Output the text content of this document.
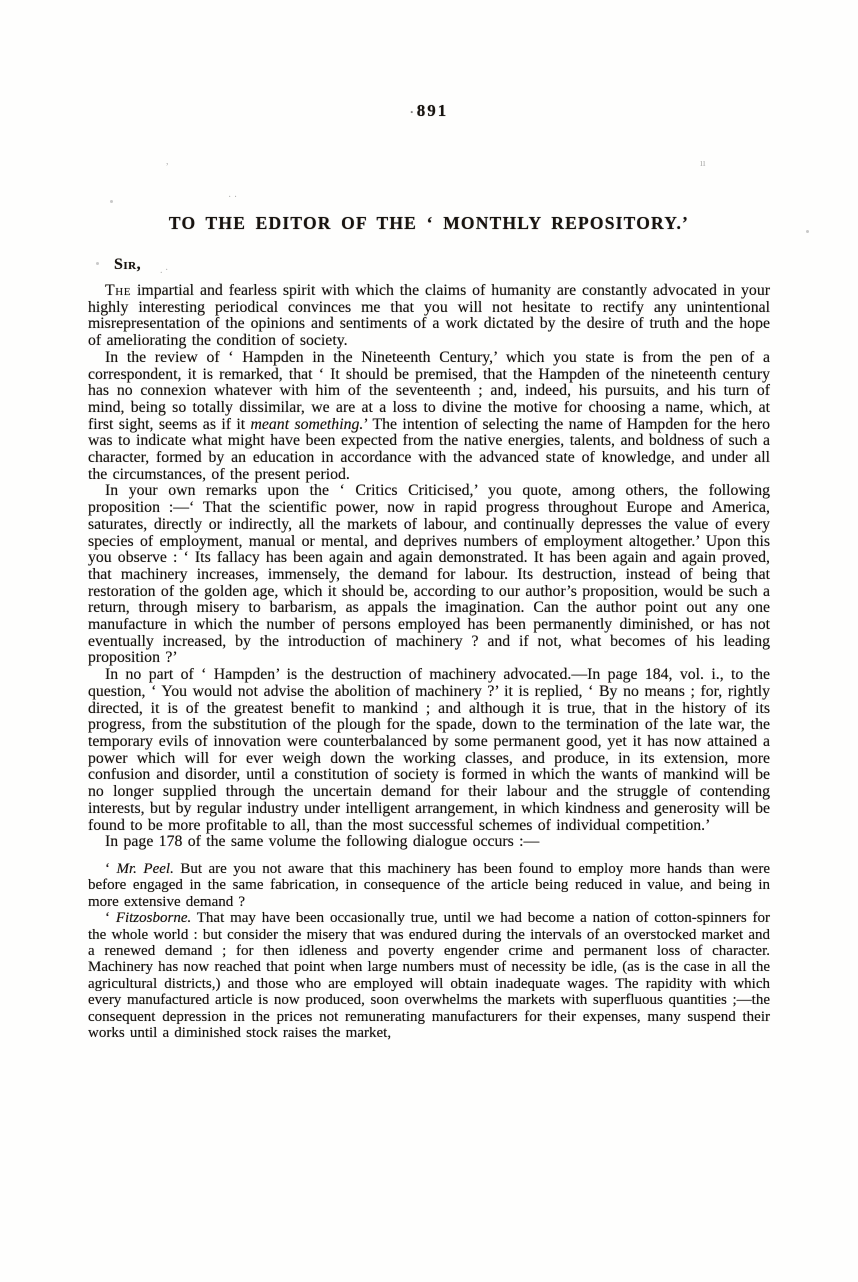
· 891
TO THE EDITOR OF THE ‘ MONTHLY REPOSITORY.’
Sir,

The impartial and fearless spirit with which the claims of humanity are constantly advocated in your highly interesting periodical convinces me that you will not hesitate to rectify any unintentional misrepresentation of the opinions and sentiments of a work dictated by the desire of truth and the hope of ameliorating the condition of society.

In the review of ‘ Hampden in the Nineteenth Century,’ which you state is from the pen of a correspondent, it is remarked, that ‘ It should be premised, that the Hampden of the nineteenth century has no connexion whatever with him of the seventeenth ; and, indeed, his pursuits, and his turn of mind, being so totally dissimilar, we are at a loss to divine the motive for choosing a name, which, at first sight, seems as if it meant something.’ The intention of selecting the name of Hampden for the hero was to indicate what might have been expected from the native energies, talents, and boldness of such a character, formed by an education in accordance with the advanced state of knowledge, and under all the circumstances, of the present period.

In your own remarks upon the ‘ Critics Criticised,’ you quote, among others, the following proposition :—‘ That the scientific power, now in rapid progress throughout Europe and America, saturates, directly or indirectly, all the markets of labour, and continually depresses the value of every species of employment, manual or mental, and deprives numbers of employment altogether.’ Upon this you observe : ‘ Its fallacy has been again and again demonstrated. It has been again and again proved, that machinery increases, immensely, the demand for labour. Its destruction, instead of being that restoration of the golden age, which it should be, according to our author’s proposition, would be such a return, through misery to barbarism, as appals the imagination. Can the author point out any one manufacture in which the number of persons employed has been permanently diminished, or has not eventually increased, by the introduction of machinery ? and if not, what becomes of his leading proposition ?’

In no part of ‘ Hampden’ is the destruction of machinery advocated.—In page 184, vol. i., to the question, ‘ You would not advise the abolition of machinery ?’ it is replied, ‘ By no means ; for, rightly directed, it is of the greatest benefit to mankind ; and although it is true, that in the history of its progress, from the substitution of the plough for the spade, down to the termination of the late war, the temporary evils of innovation were counterbalanced by some permanent good, yet it has now attained a power which will for ever weigh down the working classes, and produce, in its extension, more confusion and disorder, until a constitution of society is formed in which the wants of mankind will be no longer supplied through the uncertain demand for their labour and the struggle of contending interests, but by regular industry under intelligent arrangement, in which kindness and generosity will be found to be more profitable to all, than the most successful schemes of individual competition.’

In page 178 of the same volume the following dialogue occurs :—

‘ Mr. Peel. But are you not aware that this machinery has been found to employ more hands than were before engaged in the same fabrication, in consequence of the article being reduced in value, and being in more extensive demand ?

‘ Fitzosborne. That may have been occasionally true, until we had become a nation of cotton-spinners for the whole world : but consider the misery that was endured during the intervals of an overstocked market and a renewed demand ; for then idleness and poverty engender crime and permanent loss of character. Machinery has now reached that point when large numbers must of necessity be idle, (as is the case in all the agricultural districts,) and those who are employed will obtain inadequate wages. The rapidity with which every manufactured article is now produced, soon overwhelms the markets with superfluous quantities ;—the consequent depression in the prices not remunerating manufacturers for their expenses, many suspend their works until a diminished stock raises the market,

,	ıı
· ·
. ·
